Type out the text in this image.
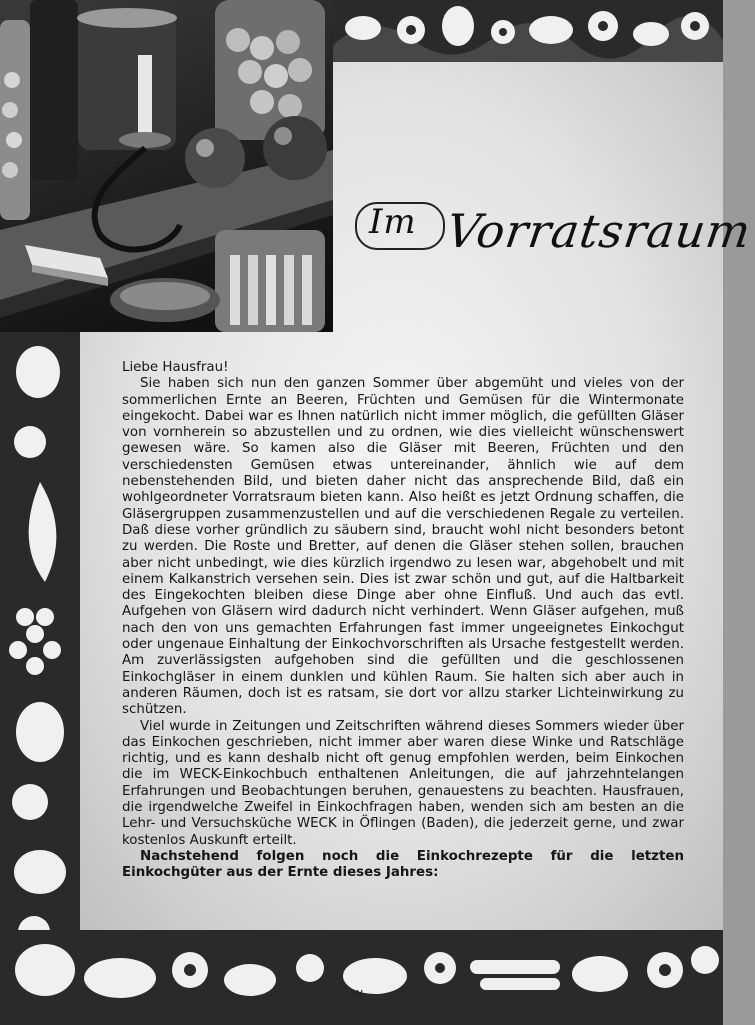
Im Vorratsraum

Liebe Hausfrau!

Sie haben sich nun den ganzen Sommer über abgemüht und vieles von der sommerlichen Ernte an Beeren, Früchten und Gemüsen für die Wintermonate eingekocht. Dabei war es Ihnen natürlich nicht immer möglich, die gefüllten Gläser von vornherein so abzustellen und zu ordnen, wie dies vielleicht wünschenswert gewesen wäre. So kamen also die Gläser mit Beeren, Früchten und den verschiedensten Gemüsen etwas untereinander, ähnlich wie auf dem nebenstehenden Bild, und bieten daher nicht das ansprechende Bild, daß ein wohlgeordneter Vorratsraum bieten kann. Also heißt es jetzt Ordnung schaffen, die Gläsergruppen zusammenzustellen und auf die verschiedenen Regale zu verteilen. Daß diese vorher gründlich zu säubern sind, braucht wohl nicht besonders betont zu werden. Die Roste und Bretter, auf denen die Gläser stehen sollen, brauchen aber nicht unbedingt, wie dies kürzlich irgendwo zu lesen war, abgehobelt und mit einem Kalkanstrich versehen sein. Dies ist zwar schön und gut, auf die Haltbarkeit des Eingekochten bleiben diese Dinge aber ohne Einfluß. Und auch das evtl. Aufgehen von Gläsern wird dadurch nicht verhindert. Wenn Gläser aufgehen, muß nach den von uns gemachten Erfahrungen fast immer ungeeignetes Einkochgut oder ungenaue Einhaltung der Einkochvorschriften als Ursache festgestellt werden. Am zuverlässigsten aufgehoben sind die gefüllten und die geschlossenen Einkochgläser in einem dunklen und kühlen Raum. Sie halten sich aber auch in anderen Räumen, doch ist es ratsam, sie dort vor allzu starker Lichteinwirkung zu schützen.

Viel wurde in Zeitungen und Zeitschriften während dieses Sommers wieder über das Einkochen geschrieben, nicht immer aber waren diese Winke und Ratschläge richtig, und es kann deshalb nicht oft genug empfohlen werden, beim Einkochen die im WECK-Einkochbuch enthaltenen Anleitungen, die auf jahrzehntelangen Erfahrungen und Beobachtungen beruhen, genauestens zu beachten. Hausfrauen, die irgendwelche Zweifel in Einkochfragen haben, wenden sich am besten an die Lehr- und Versuchsküche WECK in Öflingen (Baden), die jederzeit gerne, und zwar kostenlos Auskunft erteilt.

Nachstehend folgen noch die Einkochrezepte für die letzten Einkochgüter aus der Ernte dieses Jahres:

W
